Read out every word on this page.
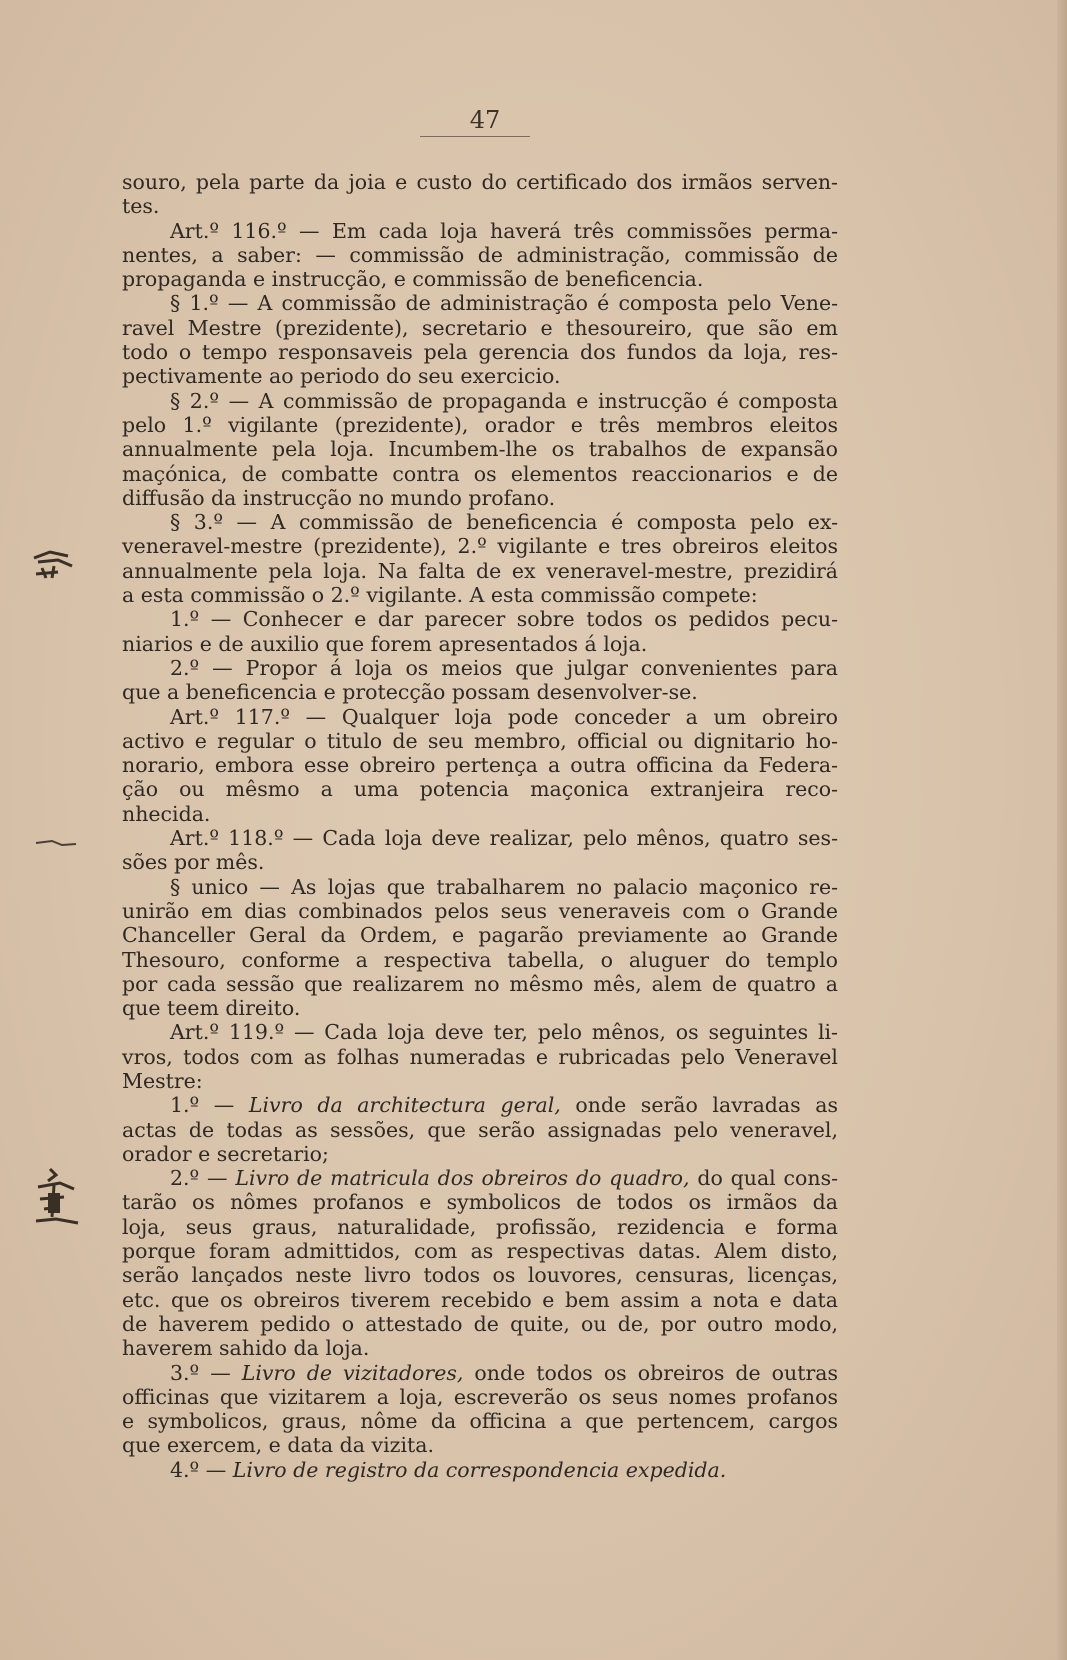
47
souro, pela parte da joia e custo do certificado dos irmãos serven-
tes.
Art.º 116.º — Em cada loja haverá três commissões perma-
nentes, a saber: — commissão de administração, commissão de
propaganda e instrucção, e commissão de beneficencia.
§ 1.º — A commissão de administração é composta pelo Vene-
ravel Mestre (prezidente), secretario e thesoureiro, que são em
todo o tempo responsaveis pela gerencia dos fundos da loja, res-
pectivamente ao periodo do seu exercicio.
§ 2.º — A commissão de propaganda e instrucção é composta
pelo 1.º vigilante (prezidente), orador e três membros eleitos
annualmente pela loja. Incumbem-lhe os trabalhos de expansão
maçónica, de combatte contra os elementos reaccionarios e de
diffusão da instrucção no mundo profano.
§ 3.º — A commissão de beneficencia é composta pelo ex-
veneravel-mestre (prezidente), 2.º vigilante e tres obreiros eleitos
annualmente pela loja. Na falta de ex veneravel-mestre, prezidirá
a esta commissão o 2.º vigilante. A esta commissão compete:
1.º — Conhecer e dar parecer sobre todos os pedidos pecu-
niarios e de auxilio que forem apresentados á loja.
2.º — Propor á loja os meios que julgar convenientes para
que a beneficencia e protecção possam desenvolver-se.
Art.º 117.º — Qualquer loja pode conceder a um obreiro
activo e regular o titulo de seu membro, official ou dignitario ho-
norario, embora esse obreiro pertença a outra officina da Federa-
ção ou mêsmo a uma potencia maçonica extranjeira reco-
nhecida.
Art.º 118.º — Cada loja deve realizar, pelo mênos, quatro ses-
sões por mês.
§ unico — As lojas que trabalharem no palacio maçonico re-
unirão em dias combinados pelos seus veneraveis com o Grande
Chanceller Geral da Ordem, e pagarão previamente ao Grande
Thesouro, conforme a respectiva tabella, o aluguer do templo
por cada sessão que realizarem no mêsmo mês, alem de quatro a
que teem direito.
Art.º 119.º — Cada loja deve ter, pelo mênos, os seguintes li-
vros, todos com as folhas numeradas e rubricadas pelo Veneravel
Mestre:
1.º — Livro da architectura geral, onde serão lavradas as
actas de todas as sessões, que serão assignadas pelo veneravel,
orador e secretario;
2.º — Livro de matricula dos obreiros do quadro, do qual cons-
tarão os nômes profanos e symbolicos de todos os irmãos da
loja, seus graus, naturalidade, profissão, rezidencia e forma
porque foram admittidos, com as respectivas datas. Alem disto,
serão lançados neste livro todos os louvores, censuras, licenças,
etc. que os obreiros tiverem recebido e bem assim a nota e data
de haverem pedido o attestado de quite, ou de, por outro modo,
haverem sahido da loja.
3.º — Livro de vizitadores, onde todos os obreiros de outras
officinas que vizitarem a loja, escreverão os seus nomes profanos
e symbolicos, graus, nôme da officina a que pertencem, cargos
que exercem, e data da vizita.
4.º — Livro de registro da correspondencia expedida.
